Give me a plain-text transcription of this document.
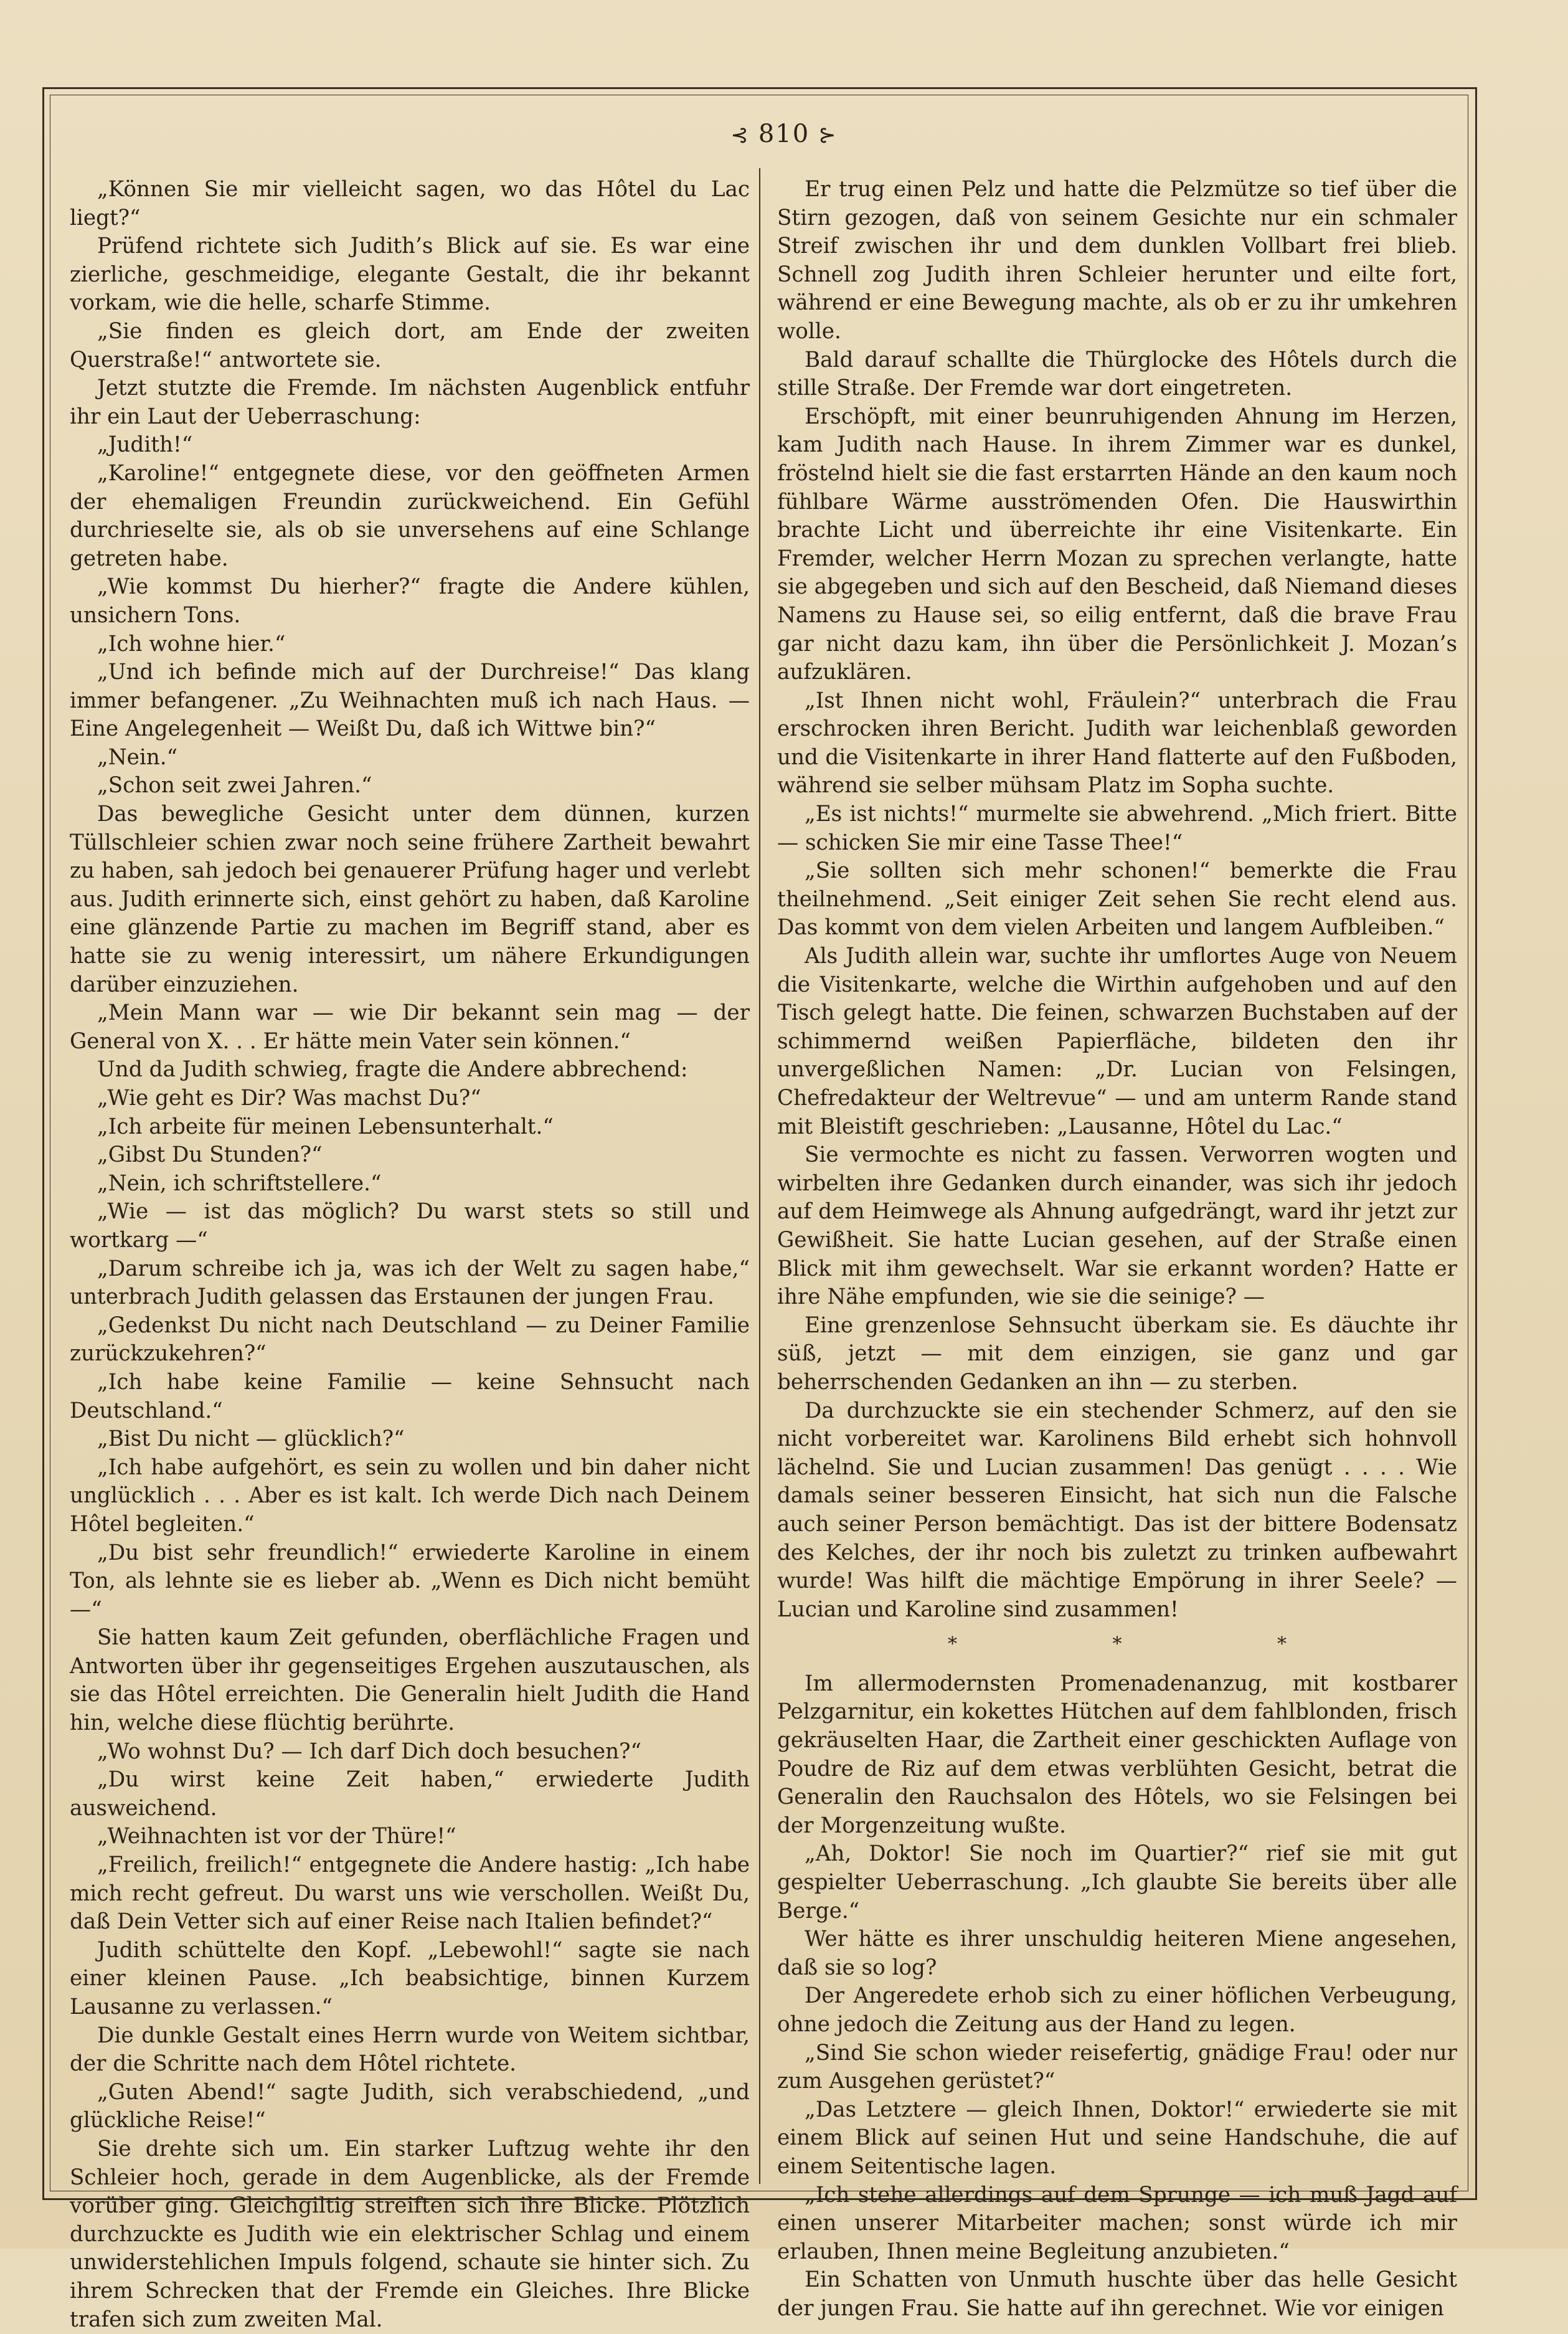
⊰ 810 ⊱

„Können Sie mir vielleicht sagen, wo das Hôtel du Lac liegt?“

Prüfend richtete sich Judith’s Blick auf sie. Es war eine zierliche, geschmeidige, elegante Gestalt, die ihr bekannt vorkam, wie die helle, scharfe Stimme.

„Sie finden es gleich dort, am Ende der zweiten Querstraße!“ antwortete sie.

Jetzt stutzte die Fremde. Im nächsten Augenblick entfuhr ihr ein Laut der Ueberraschung:

„Judith!“

„Karoline!“ entgegnete diese, vor den geöffneten Armen der ehemaligen Freundin zurückweichend. Ein Gefühl durchrieselte sie, als ob sie unversehens auf eine Schlange getreten habe.

„Wie kommst Du hierher?“ fragte die Andere kühlen, unsichern Tons.

„Ich wohne hier.“

„Und ich befinde mich auf der Durchreise!“ Das klang immer befangener. „Zu Weihnachten muß ich nach Haus. — Eine Angelegenheit — Weißt Du, daß ich Wittwe bin?“

„Nein.“

„Schon seit zwei Jahren.“

Das bewegliche Gesicht unter dem dünnen, kurzen Tüllschleier schien zwar noch seine frühere Zartheit bewahrt zu haben, sah jedoch bei genauerer Prüfung hager und verlebt aus. Judith erinnerte sich, einst gehört zu haben, daß Karoline eine glänzende Partie zu machen im Begriff stand, aber es hatte sie zu wenig interessirt, um nähere Erkundigungen darüber einzuziehen.

„Mein Mann war — wie Dir bekannt sein mag — der General von X. . . Er hätte mein Vater sein können.“

Und da Judith schwieg, fragte die Andere abbrechend:

„Wie geht es Dir? Was machst Du?“

„Ich arbeite für meinen Lebensunterhalt.“

„Gibst Du Stunden?“

„Nein, ich schriftstellere.“

„Wie — ist das möglich? Du warst stets so still und wortkarg —“

„Darum schreibe ich ja, was ich der Welt zu sagen habe,“ unterbrach Judith gelassen das Erstaunen der jungen Frau.

„Gedenkst Du nicht nach Deutschland — zu Deiner Familie zurückzukehren?“

„Ich habe keine Familie — keine Sehnsucht nach Deutschland.“

„Bist Du nicht — glücklich?“

„Ich habe aufgehört, es sein zu wollen und bin daher nicht unglücklich . . . Aber es ist kalt. Ich werde Dich nach Deinem Hôtel begleiten.“

„Du bist sehr freundlich!“ erwiederte Karoline in einem Ton, als lehnte sie es lieber ab. „Wenn es Dich nicht bemüht —“

Sie hatten kaum Zeit gefunden, oberflächliche Fragen und Antworten über ihr gegenseitiges Ergehen auszutauschen, als sie das Hôtel erreichten. Die Generalin hielt Judith die Hand hin, welche diese flüchtig berührte.

„Wo wohnst Du? — Ich darf Dich doch besuchen?“

„Du wirst keine Zeit haben,“ erwiederte Judith ausweichend.

„Weihnachten ist vor der Thüre!“

„Freilich, freilich!“ entgegnete die Andere hastig: „Ich habe mich recht gefreut. Du warst uns wie verschollen. Weißt Du, daß Dein Vetter sich auf einer Reise nach Italien befindet?“

Judith schüttelte den Kopf. „Lebewohl!“ sagte sie nach einer kleinen Pause. „Ich beabsichtige, binnen Kurzem Lausanne zu verlassen.“

Die dunkle Gestalt eines Herrn wurde von Weitem sichtbar, der die Schritte nach dem Hôtel richtete.

„Guten Abend!“ sagte Judith, sich verabschiedend, „und glückliche Reise!“

Sie drehte sich um. Ein starker Luftzug wehte ihr den Schleier hoch, gerade in dem Augenblicke, als der Fremde vorüber ging. Gleichgiltig streiften sich ihre Blicke. Plötzlich durchzuckte es Judith wie ein elektrischer Schlag und einem unwiderstehlichen Impuls folgend, schaute sie hinter sich. Zu ihrem Schrecken that der Fremde ein Gleiches. Ihre Blicke trafen sich zum zweiten Mal.

Er trug einen Pelz und hatte die Pelzmütze so tief über die Stirn gezogen, daß von seinem Gesichte nur ein schmaler Streif zwischen ihr und dem dunklen Vollbart frei blieb. Schnell zog Judith ihren Schleier herunter und eilte fort, während er eine Bewegung machte, als ob er zu ihr umkehren wolle.

Bald darauf schallte die Thürglocke des Hôtels durch die stille Straße. Der Fremde war dort eingetreten.

Erschöpft, mit einer beunruhigenden Ahnung im Herzen, kam Judith nach Hause. In ihrem Zimmer war es dunkel, fröstelnd hielt sie die fast erstarrten Hände an den kaum noch fühlbare Wärme ausströmenden Ofen. Die Hauswirthin brachte Licht und überreichte ihr eine Visitenkarte. Ein Fremder, welcher Herrn Mozan zu sprechen verlangte, hatte sie abgegeben und sich auf den Bescheid, daß Niemand dieses Namens zu Hause sei, so eilig entfernt, daß die brave Frau gar nicht dazu kam, ihn über die Persönlichkeit J. Mozan’s aufzuklären.

„Ist Ihnen nicht wohl, Fräulein?“ unterbrach die Frau erschrocken ihren Bericht. Judith war leichenblaß geworden und die Visitenkarte in ihrer Hand flatterte auf den Fußboden, während sie selber mühsam Platz im Sopha suchte.

„Es ist nichts!“ murmelte sie abwehrend. „Mich friert. Bitte — schicken Sie mir eine Tasse Thee!“

„Sie sollten sich mehr schonen!“ bemerkte die Frau theilnehmend. „Seit einiger Zeit sehen Sie recht elend aus. Das kommt von dem vielen Arbeiten und langem Aufbleiben.“

Als Judith allein war, suchte ihr umflortes Auge von Neuem die Visitenkarte, welche die Wirthin aufgehoben und auf den Tisch gelegt hatte. Die feinen, schwarzen Buchstaben auf der schimmernd weißen Papierfläche, bildeten den ihr unvergeßlichen Namen: „Dr. Lucian von Felsingen, Chefredakteur der Weltrevue“ — und am unterm Rande stand mit Bleistift geschrieben: „Lausanne, Hôtel du Lac.“

Sie vermochte es nicht zu fassen. Verworren wogten und wirbelten ihre Gedanken durch einander, was sich ihr jedoch auf dem Heimwege als Ahnung aufgedrängt, ward ihr jetzt zur Gewißheit. Sie hatte Lucian gesehen, auf der Straße einen Blick mit ihm gewechselt. War sie erkannt worden? Hatte er ihre Nähe empfunden, wie sie die seinige? —

Eine grenzenlose Sehnsucht überkam sie. Es däuchte ihr süß, jetzt — mit dem einzigen, sie ganz und gar beherrschenden Gedanken an ihn — zu sterben.

Da durchzuckte sie ein stechender Schmerz, auf den sie nicht vorbereitet war. Karolinens Bild erhebt sich hohnvoll lächelnd. Sie und Lucian zusammen! Das genügt . . . . Wie damals seiner besseren Einsicht, hat sich nun die Falsche auch seiner Person bemächtigt. Das ist der bittere Bodensatz des Kelches, der ihr noch bis zuletzt zu trinken aufbewahrt wurde! Was hilft die mächtige Empörung in ihrer Seele? — Lucian und Karoline sind zusammen!

* * *

Im allermodernsten Promenadenanzug, mit kostbarer Pelzgarnitur, ein kokettes Hütchen auf dem fahlblonden, frisch gekräuselten Haar, die Zartheit einer geschickten Auflage von Poudre de Riz auf dem etwas verblühten Gesicht, betrat die Generalin den Rauchsalon des Hôtels, wo sie Felsingen bei der Morgenzeitung wußte.

„Ah, Doktor! Sie noch im Quartier?“ rief sie mit gut gespielter Ueberraschung. „Ich glaubte Sie bereits über alle Berge.“

Wer hätte es ihrer unschuldig heiteren Miene angesehen, daß sie so log?

Der Angeredete erhob sich zu einer höflichen Verbeugung, ohne jedoch die Zeitung aus der Hand zu legen.

„Sind Sie schon wieder reisefertig, gnädige Frau! oder nur zum Ausgehen gerüstet?“

„Das Letztere — gleich Ihnen, Doktor!“ erwiederte sie mit einem Blick auf seinen Hut und seine Handschuhe, die auf einem Seitentische lagen.

„Ich stehe allerdings auf dem Sprunge — ich muß Jagd auf einen unserer Mitarbeiter machen; sonst würde ich mir erlauben, Ihnen meine Begleitung anzubieten.“

Ein Schatten von Unmuth huschte über das helle Gesicht der jungen Frau. Sie hatte auf ihn gerechnet. Wie vor einigen
